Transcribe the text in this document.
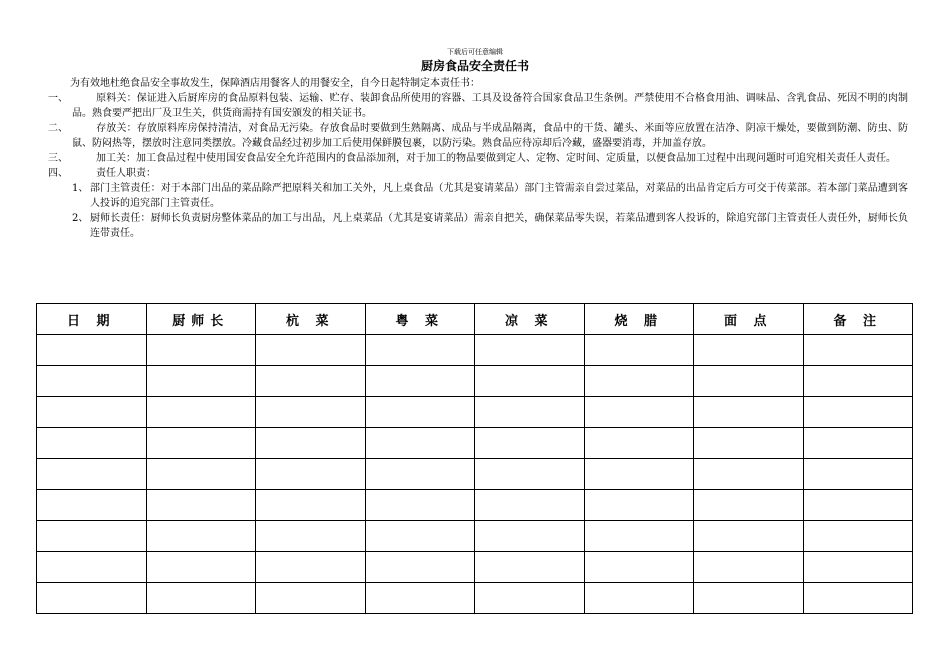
下载后可任意编辑
厨房食品安全责任书
为有效地杜绝食品安全事故发生，保障酒店用餐客人的用餐安全，自今日起特制定本责任书：
一、	原料关：保证进入后厨库房的食品原料包装、运输、贮存、装卸食品所使用的容器、工具及设备符合国家食品卫生条例。严禁使用不合格食用油、调味品、含乳食品、死因不明的肉制品。熟食要严把出厂及卫生关，供货商需持有国安颁发的相关证书。
二、	存放关：存放原料库房保持清洁，对食品无污染。存放食品时要做到生熟隔离、成品与半成品隔离，食品中的干货、罐头、米面等应放置在洁净、阴凉干燥处，要做到防潮、防虫、防鼠、防闷热等，摆放时注意同类摆放。冷藏食品经过初步加工后使用保鲜膜包裹，以防污染。熟食品应待凉却后冷藏，盛器要消毒，并加盖存放。
三、	加工关：加工食品过程中使用国安食品安全允许范围内的食品添加剂，对于加工的物品要做到定人、定物、定时间、定质量，以便食品加工过程中出现问题时可追究相关责任人责任。
四、	责任人职责：
1、 部门主管责任：对于本部门出品的菜品除严把原料关和加工关外，凡上桌食品（尤其是宴请菜品）部门主管需亲自尝过菜品，对菜品的出品肯定后方可交于传菜部。若本部门菜品遭到客人投诉的追究部门主管责任。
2、 厨师长责任：厨师长负责厨房整体菜品的加工与出品，凡上桌菜品（尤其是宴请菜品）需亲自把关，确保菜品零失误，若菜品遭到客人投诉的，除追究部门主管责任人责任外，厨师长负连带责任。
日 期	厨师长	杭 菜	粤 菜	凉 菜	烧 腊	面 点	备 注
